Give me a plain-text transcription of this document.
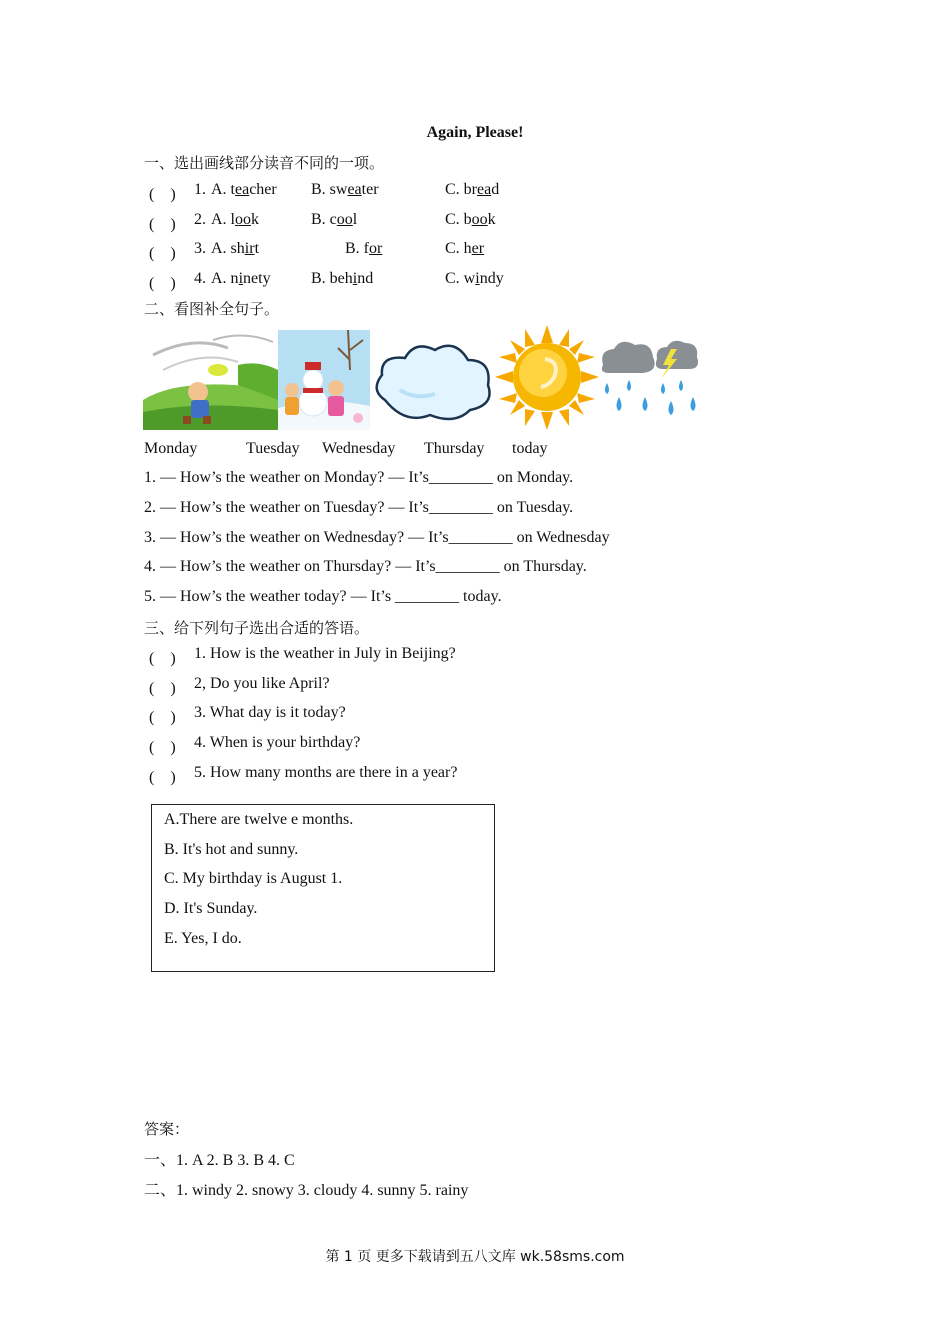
Again, Please!
一、选出画线部分读音不同的一项。
(　) 1. A. teacher B. sweater	C. bread
(　) 2. A. look	B. cool	C. book
(　) 3. A. shirt	B. for	C. her
(　) 4. A. ninety	B. behind	C. windy
二、看图补全句子。
Monday	Tuesday Wednesday Thursday today
1. — How’s the weather on Monday? — It’s________ on Monday.
2. — How’s the weather on Tuesday? — It’s________ on Tuesday.
3. — How’s the weather on Wednesday? — It’s________ on Wednesday
4. — How’s the weather on Thursday? — It’s________ on Thursday.
5. — How’s the weather today? — It’s ________ today.
三、给下列句子选出合适的答语。
(　) 1. How is the weather in July in Beijing?
(　) 2, Do you like April?
(　) 3. What day is it today?
(　) 4. When is your birthday?
(　) 5. How many months are there in a year?
A.There are twelve e months.
B. It's hot and sunny.
C. My birthday is August 1.
D. It's Sunday.
E. Yes, I do.
答案：
一、1. A 2. B 3. B 4. C
二、1. windy 2. snowy 3. cloudy 4. sunny 5. rainy
第 1 页 更多下载请到五八文库 wk.58sms.com
